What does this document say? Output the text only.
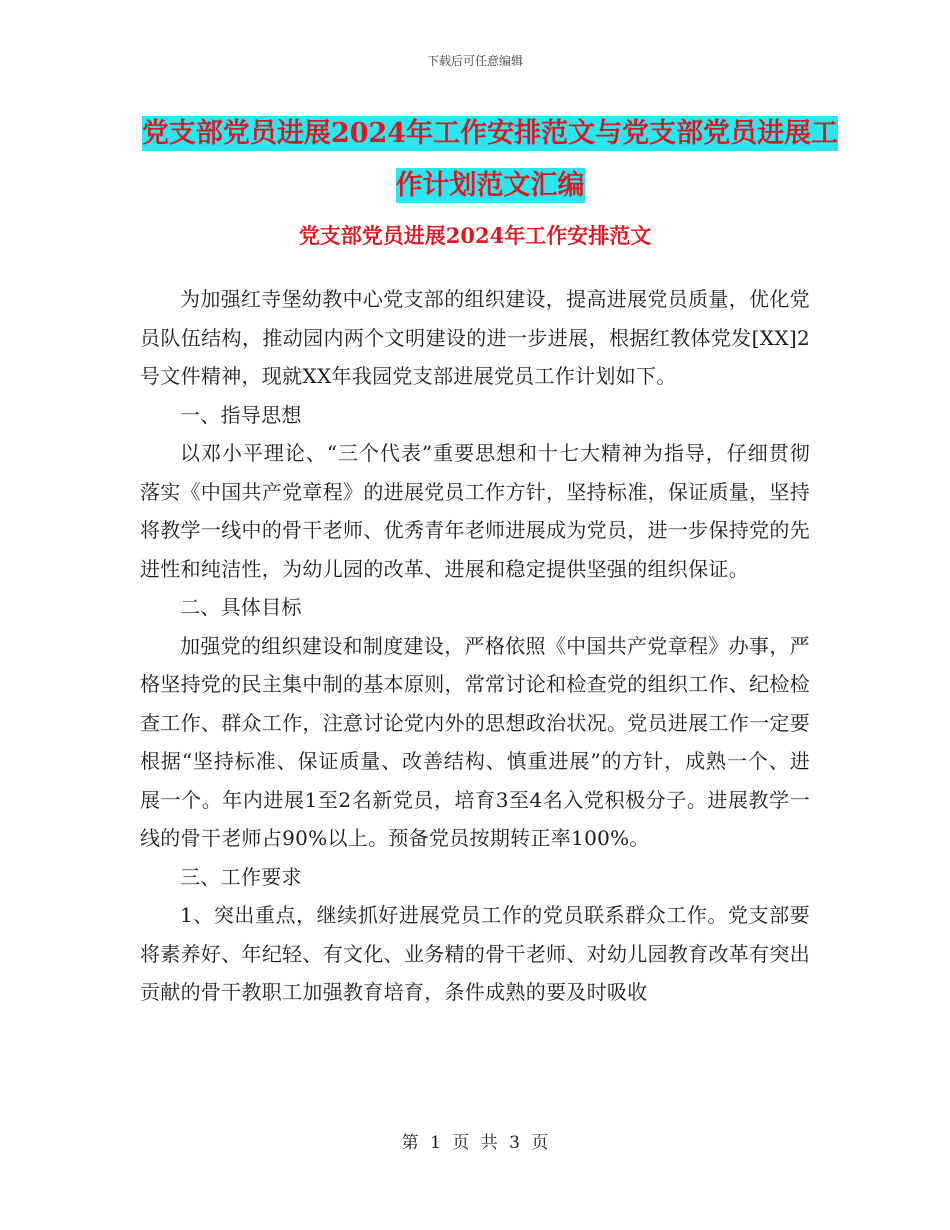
下载后可任意编辑
党支部党员进展2024年工作安排范文与党支部党员进展工作计划范文汇编
党支部党员进展2024年工作安排范文

为加强红寺堡幼教中心党支部的组织建设，提高进展党员质量，优化党员队伍结构，推动园内两个文明建设的进一步进展，根据红教体党发[XX]2号文件精神，现就XX年我园党支部进展党员工作计划如下。

一、指导思想

以邓小平理论、“三个代表”重要思想和十七大精神为指导，仔细贯彻落实《中国共产党章程》的进展党员工作方针，坚持标准，保证质量，坚持将教学一线中的骨干老师、优秀青年老师进展成为党员，进一步保持党的先进性和纯洁性，为幼儿园的改革、进展和稳定提供坚强的组织保证。

二、具体目标

加强党的组织建设和制度建设，严格依照《中国共产党章程》办事，严格坚持党的民主集中制的基本原则，常常讨论和检查党的组织工作、纪检检查工作、群众工作，注意讨论党内外的思想政治状况。党员进展工作一定要根据“坚持标准、保证质量、改善结构、慎重进展”的方针，成熟一个、进展一个。年内进展1至2名新党员，培育3至4名入党积极分子。进展教学一线的骨干老师占90%以上。预备党员按期转正率100%。

三、工作要求

1、突出重点，继续抓好进展党员工作的党员联系群众工作。党支部要将素养好、年纪轻、有文化、业务精的骨干老师、对幼儿园教育改革有突出贡献的骨干教职工加强教育培育，条件成熟的要及时吸收

第 1 页 共 3 页
